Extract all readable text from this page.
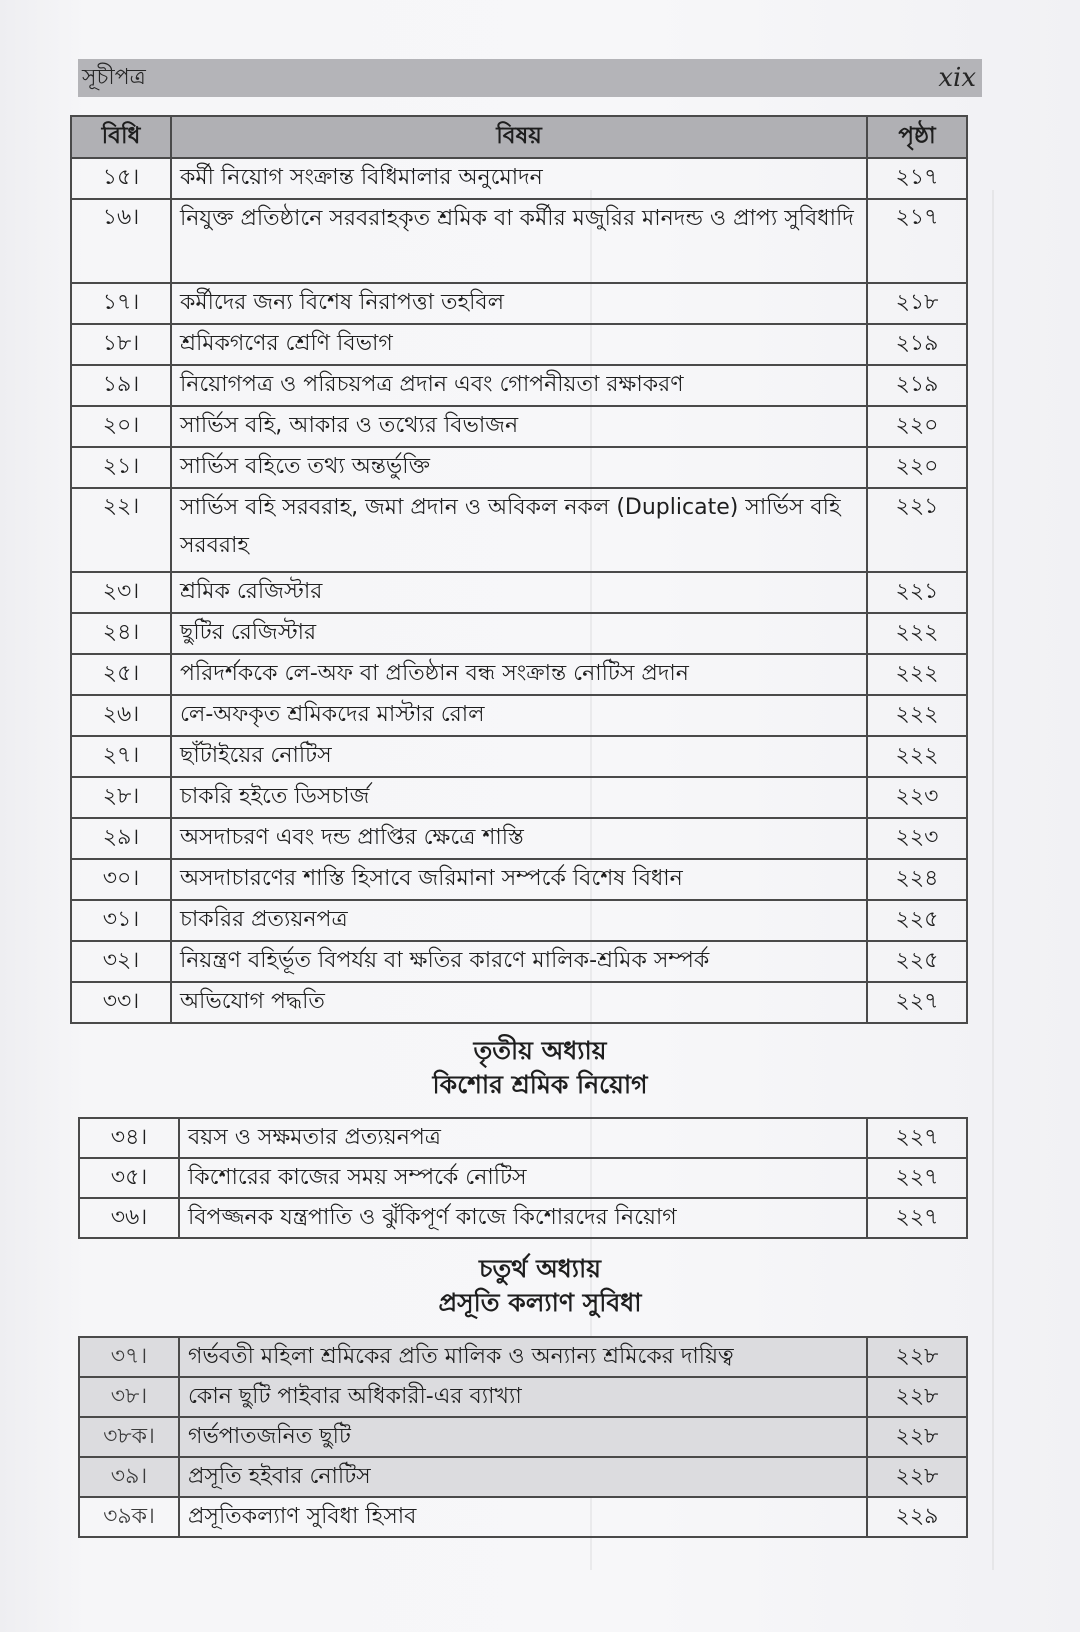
সূচীপত্র	xix
বিধি	বিষয়	পৃষ্ঠা
১৫।	কর্মী নিয়োগ সংক্রান্ত বিধিমালার অনুমোদন	২১৭
১৬।	নিযুক্ত প্রতিষ্ঠানে সরবরাহকৃত শ্রমিক বা কর্মীর মজুরির মানদন্ড ও প্রাপ্য সুবিধাদি	২১৭
১৭।	কর্মীদের জন্য বিশেষ নিরাপত্তা তহবিল	২১৮
১৮।	শ্রমিকগণের শ্রেণি বিভাগ	২১৯
১৯।	নিয়োগপত্র ও পরিচয়পত্র প্রদান এবং গোপনীয়তা রক্ষাকরণ	২১৯
২০।	সার্ভিস বহি, আকার ও তথ্যের বিভাজন	২২০
২১।	সার্ভিস বহিতে তথ্য অন্তর্ভুক্তি	২২০
২২।	সার্ভিস বহি সরবরাহ, জমা প্রদান ও অবিকল নকল (Duplicate) সার্ভিস বহি সরবরাহ	২২১
২৩।	শ্রমিক রেজিস্টার	২২১
২৪।	ছুটির রেজিস্টার	২২২
২৫।	পরিদর্শককে লে-অফ বা প্রতিষ্ঠান বন্ধ সংক্রান্ত নোটিস প্রদান	২২২
২৬।	লে-অফকৃত শ্রমিকদের মাস্টার রোল	২২২
২৭।	ছাঁটাইয়ের নোটিস	২২২
২৮।	চাকরি হইতে ডিসচার্জ	২২৩
২৯।	অসদাচরণ এবং দন্ড প্রাপ্তির ক্ষেত্রে শাস্তি	২২৩
৩০।	অসদাচারণের শাস্তি হিসাবে জরিমানা সম্পর্কে বিশেষ বিধান	২২৪
৩১।	চাকরির প্রত্যয়নপত্র	২২৫
৩২।	নিয়ন্ত্রণ বহির্ভূত বিপর্যয় বা ক্ষতির কারণে মালিক-শ্রমিক সম্পর্ক	২২৫
৩৩।	অভিযোগ পদ্ধতি	২২৭
তৃতীয় অধ্যায়
কিশোর শ্রমিক নিয়োগ
৩৪।	বয়স ও সক্ষমতার প্রত্যয়নপত্র	২২৭
৩৫।	কিশোরের কাজের সময় সম্পর্কে নোটিস	২২৭
৩৬।	বিপজ্জনক যন্ত্রপাতি ও ঝুঁকিপূর্ণ কাজে কিশোরদের নিয়োগ	২২৭
চতুর্থ অধ্যায়
প্রসূতি কল্যাণ সুবিধা
৩৭।	গর্ভবতী মহিলা শ্রমিকের প্রতি মালিক ও অন্যান্য শ্রমিকের দায়িত্ব	২২৮
৩৮।	কোন ছুটি পাইবার অধিকারী-এর ব্যাখ্যা	২২৮
৩৮ক।	গর্ভপাতজনিত ছুটি	২২৮
৩৯।	প্রসূতি হইবার নোটিস	২২৮
৩৯ক।	প্রসূতিকল্যাণ সুবিধা হিসাব	২২৯
